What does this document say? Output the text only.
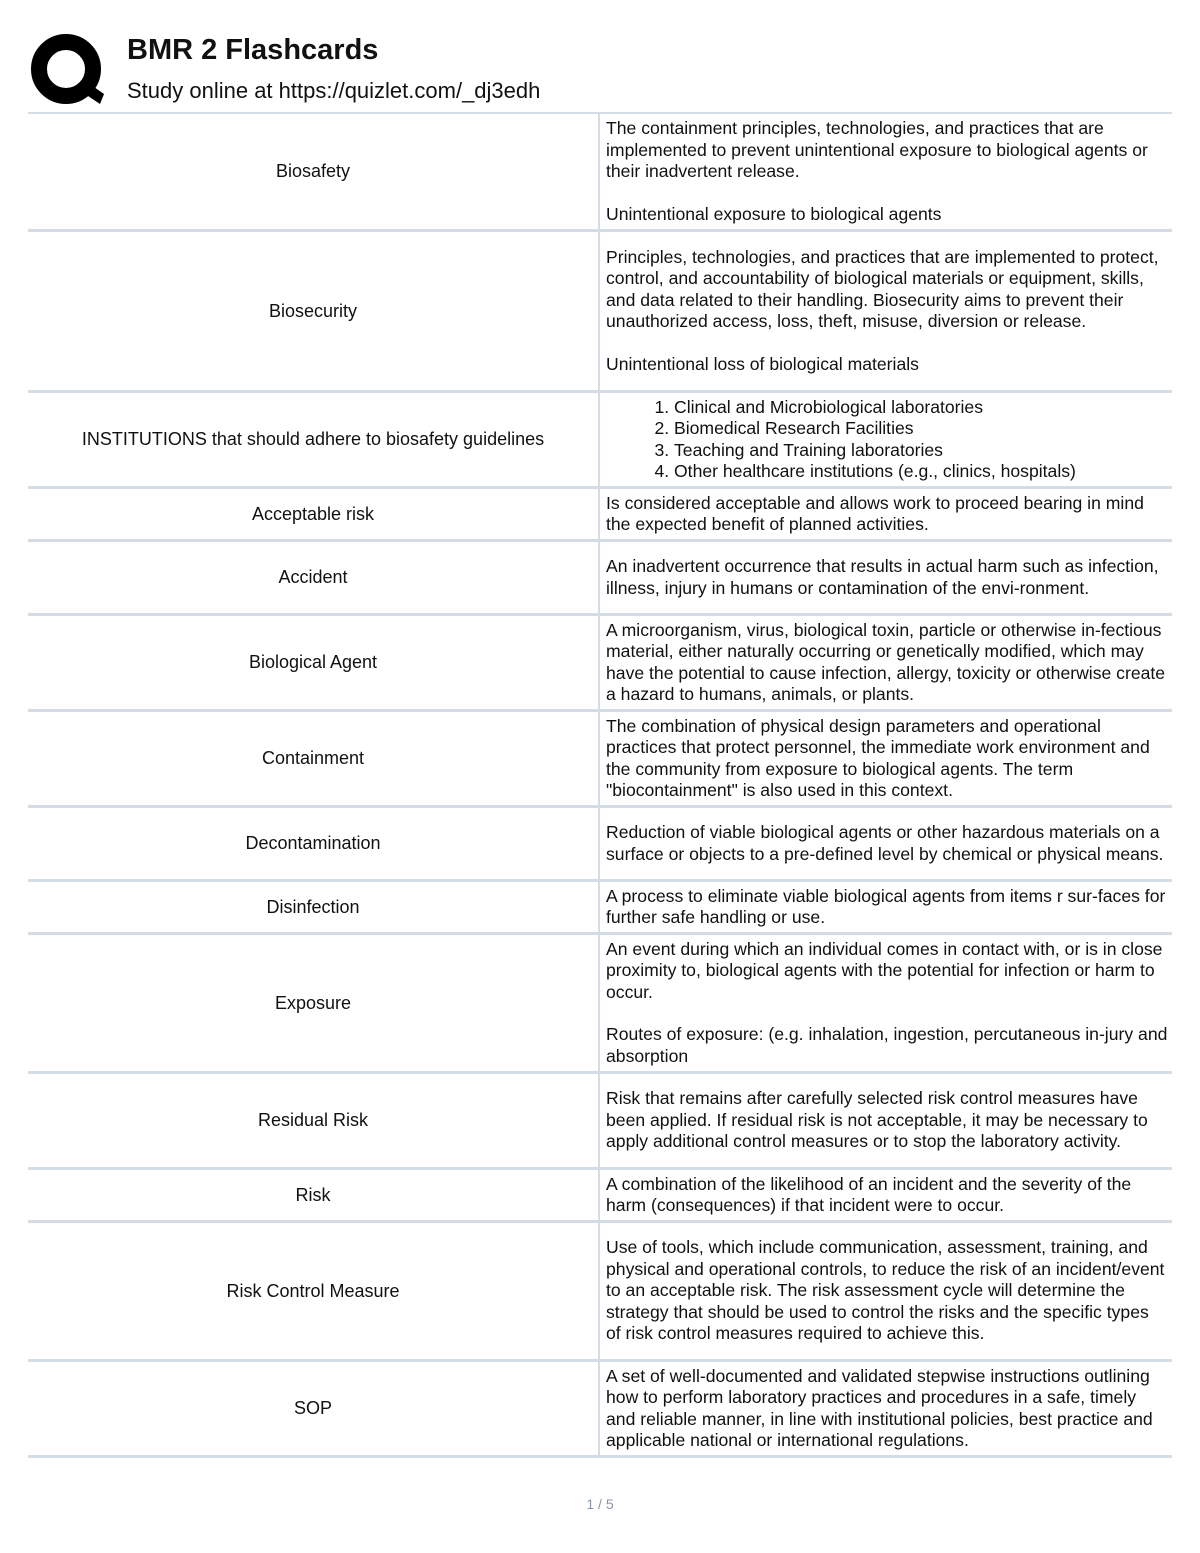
BMR 2 Flashcards
Study online at https://quizlet.com/_dj3edh
Biosafety

The containment principles, technologies, and practices that are implemented to prevent unintentional exposure to biological agents or their inadvertent release.

Unintentional exposure to biological agents

Biosecurity

Principles, technologies, and practices that are implemented to protect, control, and accountability of biological materials or equipment, skills, and data related to their handling. Biosecurity aims to prevent their unauthorized access, loss, theft, misuse, diversion or release.

Unintentional loss of biological materials

INSTITUTIONS that should adhere to biosafety guidelines
1. Clinical and Microbiological laboratories
2. Biomedical Research Facilities
3. Teaching and Training laboratories
4. Other healthcare institutions (e.g., clinics, hospitals)
Acceptable risk

Is considered acceptable and allows work to proceed bearing in mind the expected benefit of planned activities.

Accident

An inadvertent occurrence that results in actual harm such as infection, illness, injury in humans or contamination of the envi-ronment.

Biological Agent

A microorganism, virus, biological toxin, particle or otherwise in-fectious material, either naturally occurring or genetically modified, which may have the potential to cause infection, allergy, toxicity or otherwise create a hazard to humans, animals, or plants.

Containment

The combination of physical design parameters and operational practices that protect personnel, the immediate work environment and the community from exposure to biological agents. The term "biocontainment" is also used in this context.

Decontamination

Reduction of viable biological agents or other hazardous materials on a surface or objects to a pre-defined level by chemical or physical means.

Disinfection

A process to eliminate viable biological agents from items r sur-faces for further safe handling or use.

Exposure

An event during which an individual comes in contact with, or is in close proximity to, biological agents with the potential for infection or harm to occur.

Routes of exposure: (e.g. inhalation, ingestion, percutaneous in-jury and absorption

Residual Risk

Risk that remains after carefully selected risk control measures have been applied. If residual risk is not acceptable, it may be necessary to apply additional control measures or to stop the laboratory activity.

Risk

A combination of the likelihood of an incident and the severity of the harm (consequences) if that incident were to occur.

Risk Control Measure

Use of tools, which include communication, assessment, training, and physical and operational controls, to reduce the risk of an incident/event to an acceptable risk. The risk assessment cycle will determine the strategy that should be used to control the risks and the specific types of risk control measures required to achieve this.

SOP

A set of well-documented and validated stepwise instructions outlining how to perform laboratory practices and procedures in a safe, timely and reliable manner, in line with institutional policies, best practice and applicable national or international regulations.

1 / 5
